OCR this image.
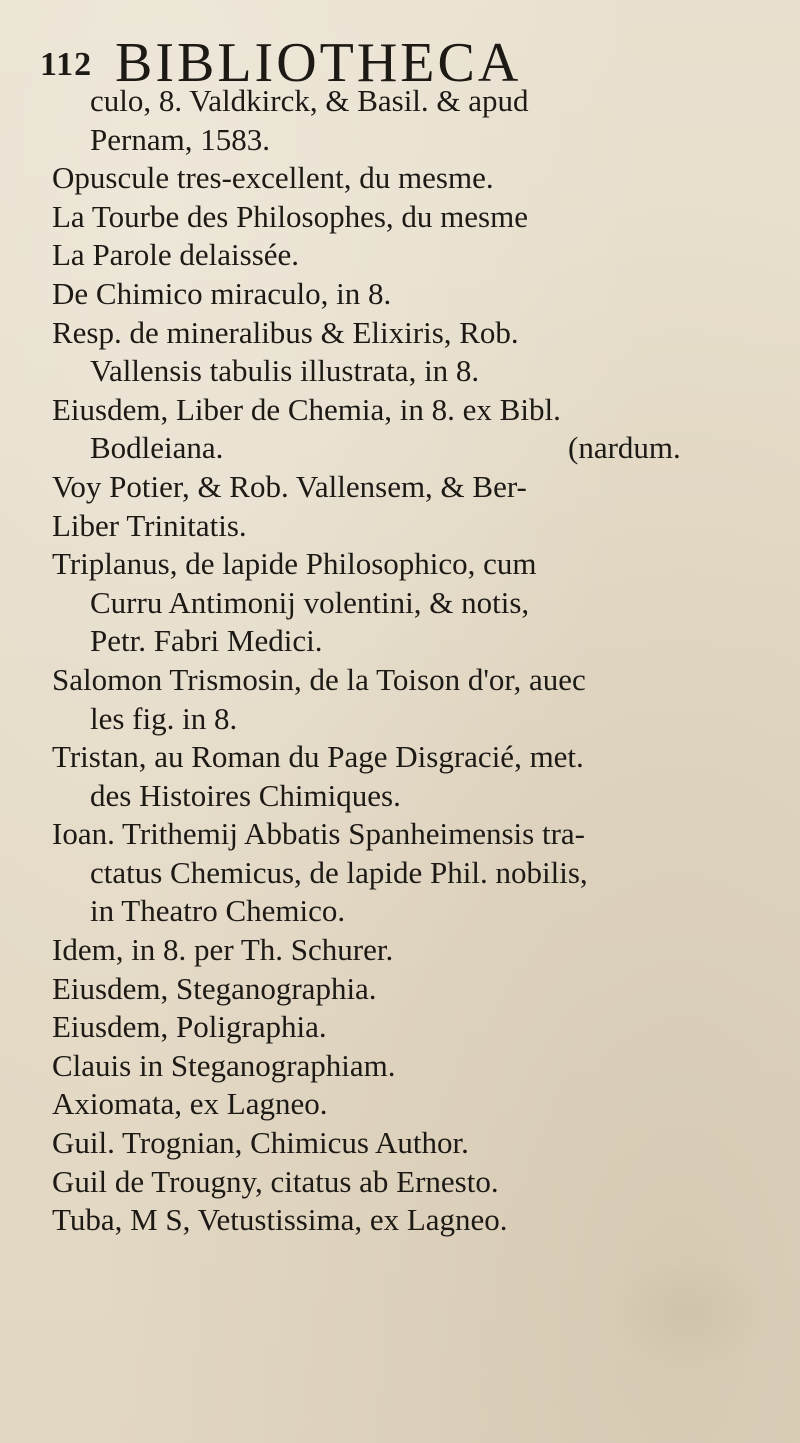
112 BIBLIOTHECA
culo, 8. Valdkirck, & Basil. & apud
Pernam, 1583.
Opuscule tres-excellent, du mesme.
La Tourbe des Philosophes, du mesme
La Parole delaissée.
De Chimico miraculo, in 8.
Resp. de mineralibus & Elixiris, Rob.
Vallensis tabulis illustrata, in 8.
Eiusdem, Liber de Chemia, in 8. ex Bibl.
Bodleiana.	(nardum.
Voy Potier, & Rob. Vallensem, & Ber-
Liber Trinitatis.
Triplanus, de lapide Philosophico, cum
Curru Antimonij volentini, & notis,
Petr. Fabri Medici.
Salomon Trismosin, de la Toison d'or, auec
les fig. in 8.
Tristan, au Roman du Page Disgracié, met.
des Histoires Chimiques.
Ioan. Trithemij Abbatis Spanheimensis tra-
ctatus Chemicus, de lapide Phil. nobilis,
in Theatro Chemico.
Idem, in 8. per Th. Schurer.
Eiusdem, Steganographia.
Eiusdem, Poligraphia.
Clauis in Steganographiam.
Axiomata, ex Lagneo.
Guil. Trognian, Chimicus Author.
Guil de Trougny, citatus ab Ernesto.
Tuba, M S, Vetustissima, ex Lagneo.
